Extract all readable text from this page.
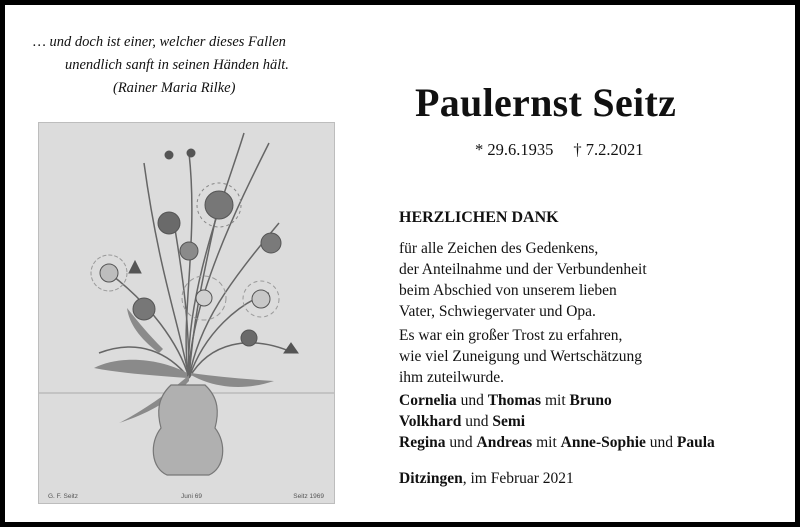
… und doch ist einer, welcher dieses Fallen
unendlich sanft in seinen Händen hält.
(Rainer Maria Rilke)
G. F. Seitz	Juni 69	Seitz 1969
Paulernst Seitz
* 29.6.1935 † 7.2.2021
HERZLICHEN DANK
für alle Zeichen des Gedenkens,
der Anteilnahme und der Verbundenheit
beim Abschied von unserem lieben
Vater, Schwiegervater und Opa.
Es war ein großer Trost zu erfahren,
wie viel Zuneigung und Wertschätzung
ihm zuteilwurde.
Cornelia und Thomas mit Bruno
Volkhard und Semi
Regina und Andreas mit Anne-Sophie und Paula
Ditzingen, im Februar 2021
